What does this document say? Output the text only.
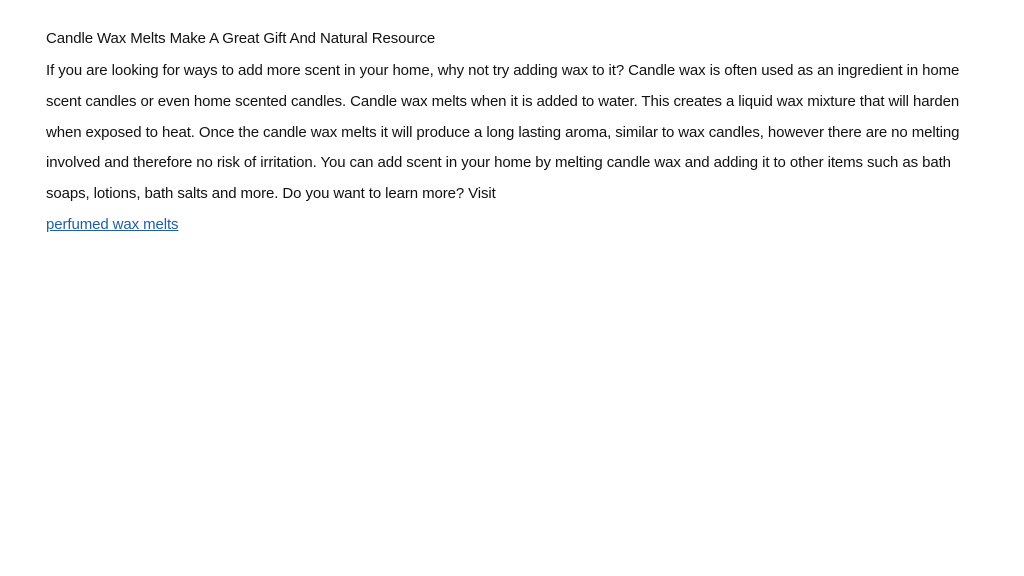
Candle Wax Melts Make A Great Gift And Natural Resource

If you are looking for ways to add more scent in your home, why not try adding wax to it? Candle wax is often used as an ingredient in home scent candles or even home scented candles. Candle wax melts when it is added to water. This creates a liquid wax mixture that will harden when exposed to heat. Once the candle wax melts it will produce a long lasting aroma, similar to wax candles, however there are no melting involved and therefore no risk of irritation. You can add scent in your home by melting candle wax and adding it to other items such as bath soaps, lotions, bath salts and more. Do you want to learn more? Visit
perfumed wax melts
